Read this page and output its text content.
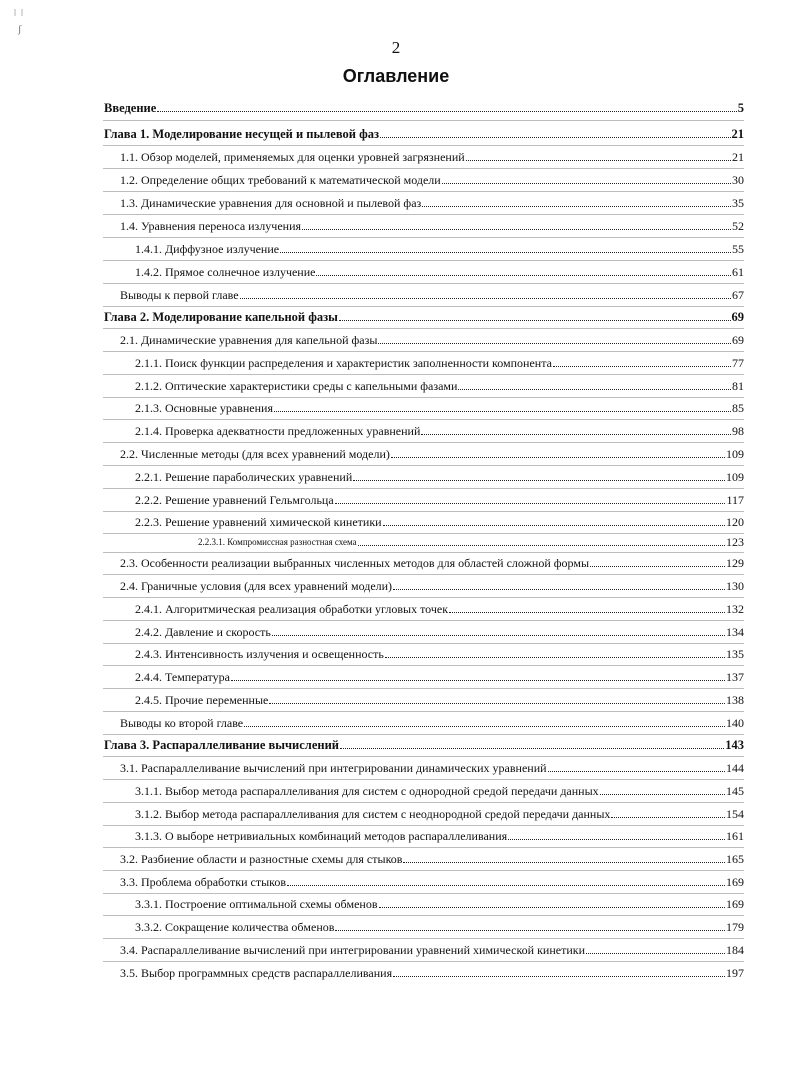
ǀ  ǀ
ʃ
2
Оглавление
Введение	5
Глава 1. Моделирование несущей и пылевой фаз	21
1.1. Обзор моделей, применяемых для оценки уровней загрязнений	21
1.2. Определение общих требований к математической модели	30
1.3. Динамические уравнения для основной и пылевой фаз	35
1.4. Уравнения переноса излучения	52
1.4.1. Диффузное излучение	55
1.4.2. Прямое солнечное излучение	61
Выводы к первой главе	67
Глава 2. Моделирование капельной фазы	69
2.1. Динамические уравнения для капельной фазы	69
2.1.1. Поиск функции распределения и характеристик заполненности компонента	77
2.1.2. Оптические характеристики среды с капельными фазами	81
2.1.3. Основные уравнения	85
2.1.4. Проверка адекватности предложенных уравнений	98
2.2. Численные методы (для всех уравнений модели)	109
2.2.1. Решение параболических уравнений	109
2.2.2. Решение уравнений Гельмгольца	117
2.2.3. Решение уравнений химической кинетики	120
2.2.3.1. Компромиссная разностная схема	123
2.3. Особенности реализации выбранных численных методов для областей сложной формы	129
2.4. Граничные условия (для всех уравнений модели)	130
2.4.1. Алгоритмическая реализация обработки угловых точек	132
2.4.2. Давление и скорость	134
2.4.3. Интенсивность излучения и освещенность	135
2.4.4. Температура	137
2.4.5. Прочие переменные	138
Выводы ко второй главе	140
Глава 3. Распараллеливание вычислений	143
3.1. Распараллеливание вычислений при интегрировании динамических уравнений	144
3.1.1. Выбор метода распараллеливания для систем с однородной средой передачи данных	145
3.1.2. Выбор метода распараллеливания для систем с неоднородной средой передачи данных	154
3.1.3. О выборе нетривиальных комбинаций методов распараллеливания	161
3.2. Разбиение области и разностные схемы для стыков	165
3.3. Проблема обработки стыков	169
3.3.1. Построение оптимальной схемы обменов	169
3.3.2. Сокращение количества обменов	179
3.4. Распараллеливание вычислений при интегрировании уравнений химической кинетики	184
3.5. Выбор программных средств распараллеливания	197
